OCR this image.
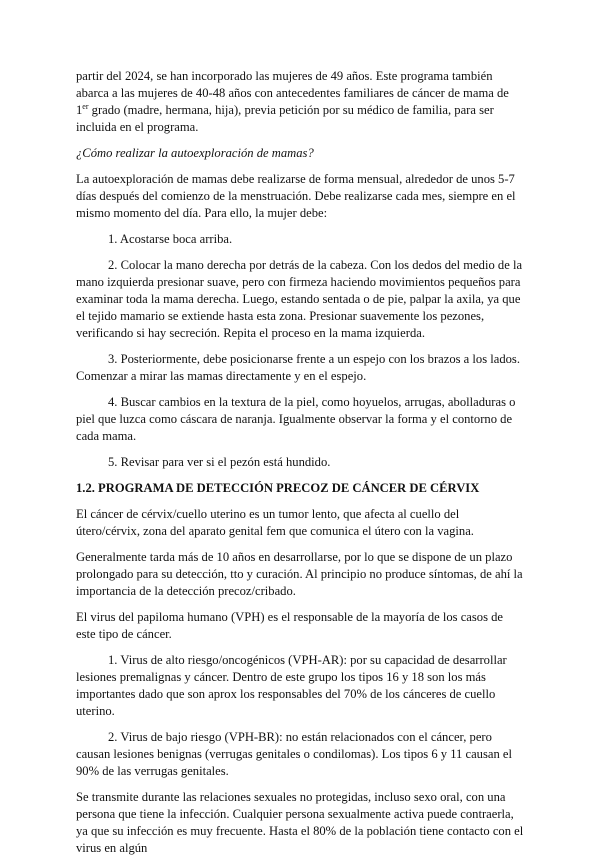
partir del 2024, se han incorporado las mujeres de 49 años. Este programa también abarca a las mujeres de 40-48 años con antecedentes familiares de cáncer de mama de 1er grado (madre, hermana, hija), previa petición por su médico de familia, para ser incluida en el programa.

¿Cómo realizar la autoexploración de mamas?

La autoexploración de mamas debe realizarse de forma mensual, alrededor de unos 5-7 días después del comienzo de la menstruación. Debe realizarse cada mes, siempre en el mismo momento del día. Para ello, la mujer debe:

1. Acostarse boca arriba.

2. Colocar la mano derecha por detrás de la cabeza. Con los dedos del medio de la mano izquierda presionar suave, pero con firmeza haciendo movimientos pequeños para examinar toda la mama derecha. Luego, estando sentada o de pie, palpar la axila, ya que el tejido mamario se extiende hasta esta zona. Presionar suavemente los pezones, verificando si hay secreción. Repita el proceso en la mama izquierda.

3. Posteriormente, debe posicionarse frente a un espejo con los brazos a los lados. Comenzar a mirar las mamas directamente y en el espejo.

4. Buscar cambios en la textura de la piel, como hoyuelos, arrugas, abolladuras o piel que luzca como cáscara de naranja. Igualmente observar la forma y el contorno de cada mama.

5. Revisar para ver si el pezón está hundido.

1.2. PROGRAMA DE DETECCIÓN PRECOZ DE CÁNCER DE CÉRVIX

El cáncer de cérvix/cuello uterino es un tumor lento, que afecta al cuello del útero/cérvix, zona del aparato genital fem que comunica el útero con la vagina.

Generalmente tarda más de 10 años en desarrollarse, por lo que se dispone de un plazo prolongado para su detección, tto y curación. Al principio no produce síntomas, de ahí la importancia de la detección precoz/cribado.

El virus del papiloma humano (VPH) es el responsable de la mayoría de los casos de este tipo de cáncer.

1. Virus de alto riesgo/oncogénicos (VPH-AR): por su capacidad de desarrollar lesiones premalignas y cáncer. Dentro de este grupo los tipos 16 y 18 son los más importantes dado que son aprox los responsables del 70% de los cánceres de cuello uterino.

2. Virus de bajo riesgo (VPH-BR): no están relacionados con el cáncer, pero causan lesiones benignas (verrugas genitales o condilomas). Los tipos 6 y 11 causan el 90% de las verrugas genitales.

Se transmite durante las relaciones sexuales no protegidas, incluso sexo oral, con una persona que tiene la infección. Cualquier persona sexualmente activa puede contraerla, ya que su infección es muy frecuente. Hasta el 80% de la población tiene contacto con el virus en algún
